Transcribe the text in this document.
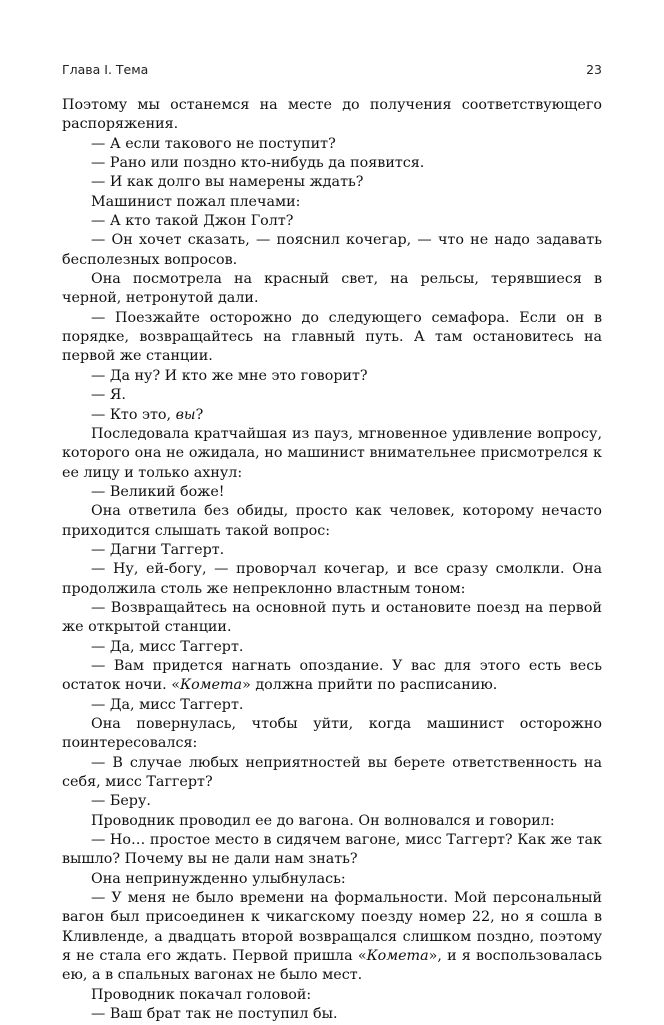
Глава I. Тема	23

Поэтому мы останемся на месте до получения соответствующего распоряжения.

— А если такового не поступит?

— Рано или поздно кто-нибудь да появится.

— И как долго вы намерены ждать?

Машинист пожал плечами:

— А кто такой Джон Голт?

— Он хочет сказать, — пояснил кочегар, — что не надо задавать бесполезных вопросов.

Она посмотрела на красный свет, на рельсы, терявшиеся в черной, нетронутой дали.

— Поезжайте осторожно до следующего семафора. Если он в порядке, возвращайтесь на главный путь. А там остановитесь на первой же станции.

— Да ну? И кто же мне это говорит?

— Я.

— Кто это, вы?

Последовала кратчайшая из пауз, мгновенное удивление вопросу, которого она не ожидала, но машинист внимательнее присмотрелся к ее лицу и только ахнул:

— Великий боже!

Она ответила без обиды, просто как человек, которому нечасто приходится слышать такой вопрос:

— Дагни Таггерт.

— Ну, ей-богу, — проворчал кочегар, и все сразу смолкли. Она продолжила столь же непреклонно властным тоном:

— Возвращайтесь на основной путь и остановите поезд на первой же открытой станции.

— Да, мисс Таггерт.

— Вам придется нагнать опоздание. У вас для этого есть весь остаток ночи. «Комета» должна прийти по расписанию.

— Да, мисс Таггерт.

Она повернулась, чтобы уйти, когда машинист осторожно поинтересовался:

— В случае любых неприятностей вы берете ответственность на себя, мисс Таггерт?

— Беру.

Проводник проводил ее до вагона. Он волновался и говорил:

— Но… простое место в сидячем вагоне, мисс Таггерт? Как же так вышло? Почему вы не дали нам знать?

Она непринужденно улыбнулась:

— У меня не было времени на формальности. Мой персональный вагон был присоединен к чикагскому поезду номер 22, но я сошла в Кливленде, а двадцать второй возвращался слишком поздно, поэтому я не стала его ждать. Первой пришла «Комета», и я воспользовалась ею, а в спальных вагонах не было мест.

Проводник покачал головой:

— Ваш брат так не поступил бы.
